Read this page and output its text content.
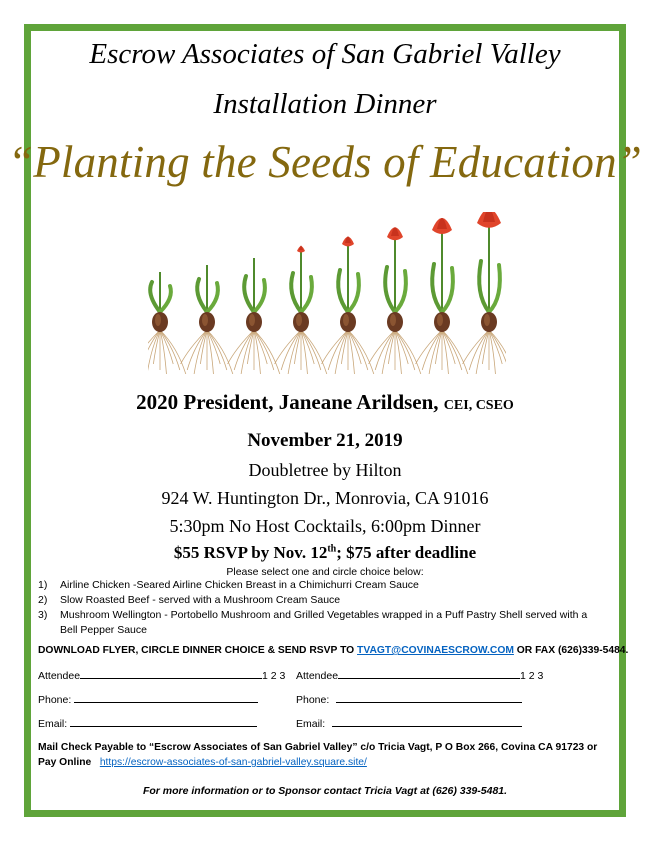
Escrow Associates of San Gabriel Valley
Installation Dinner
“Planting the Seeds of Education”
2020 President, Janeane Arildsen, CEI, CSEO
November 21, 2019
Doubletree by Hilton
924 W. Huntington Dr., Monrovia, CA 91016
5:30pm No Host Cocktails, 6:00pm Dinner
$55 RSVP by Nov. 12th; $75 after deadline
Please select one and circle choice below:
1) Airline Chicken -Seared Airline Chicken Breast in a Chimichurri Cream Sauce
2) Slow Roasted Beef - served with a Mushroom Cream Sauce
3) Mushroom Wellington - Portobello Mushroom and Grilled Vegetables wrapped in a Puff Pastry Shell served with a Bell Pepper Sauce
DOWNLOAD FLYER, CIRCLE DINNER CHOICE & SEND RSVP TO TVAGT@COVINAESCROW.COM OR FAX (626)339-5484.
Attendee	1 2 3 Attendee	1 2 3
Phone:	Phone:
Email:	Email:
Mail Check Payable to “Escrow Associates of San Gabriel Valley” c/o Tricia Vagt, P O Box 266, Covina CA 91723 or Pay Online https://escrow-associates-of-san-gabriel-valley.square.site/
For more information or to Sponsor contact Tricia Vagt at (626) 339-5481.
